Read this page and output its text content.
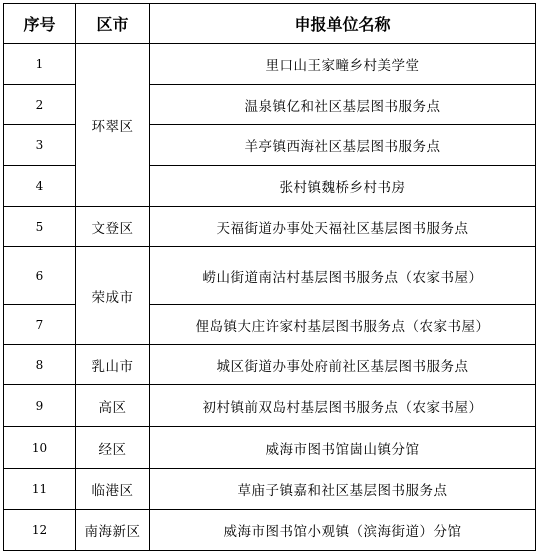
序号	区市	申报单位名称
1	环翠区	里口山王家疃乡村美学堂
2		温泉镇亿和社区基层图书服务点
3		羊亭镇西海社区基层图书服务点
4		张村镇魏桥乡村书房
5	文登区	天福街道办事处天福社区基层图书服务点
6	荣成市	崂山街道南沽村基层图书服务点（农家书屋）
7		俚岛镇大庄许家村基层图书服务点（农家书屋）
8	乳山市	城区街道办事处府前社区基层图书服务点
9	高区	初村镇前双岛村基层图书服务点（农家书屋）
10	经区	威海市图书馆崮山镇分馆
11	临港区	草庙子镇嘉和社区基层图书服务点
12	南海新区	威海市图书馆小观镇（滨海街道）分馆
